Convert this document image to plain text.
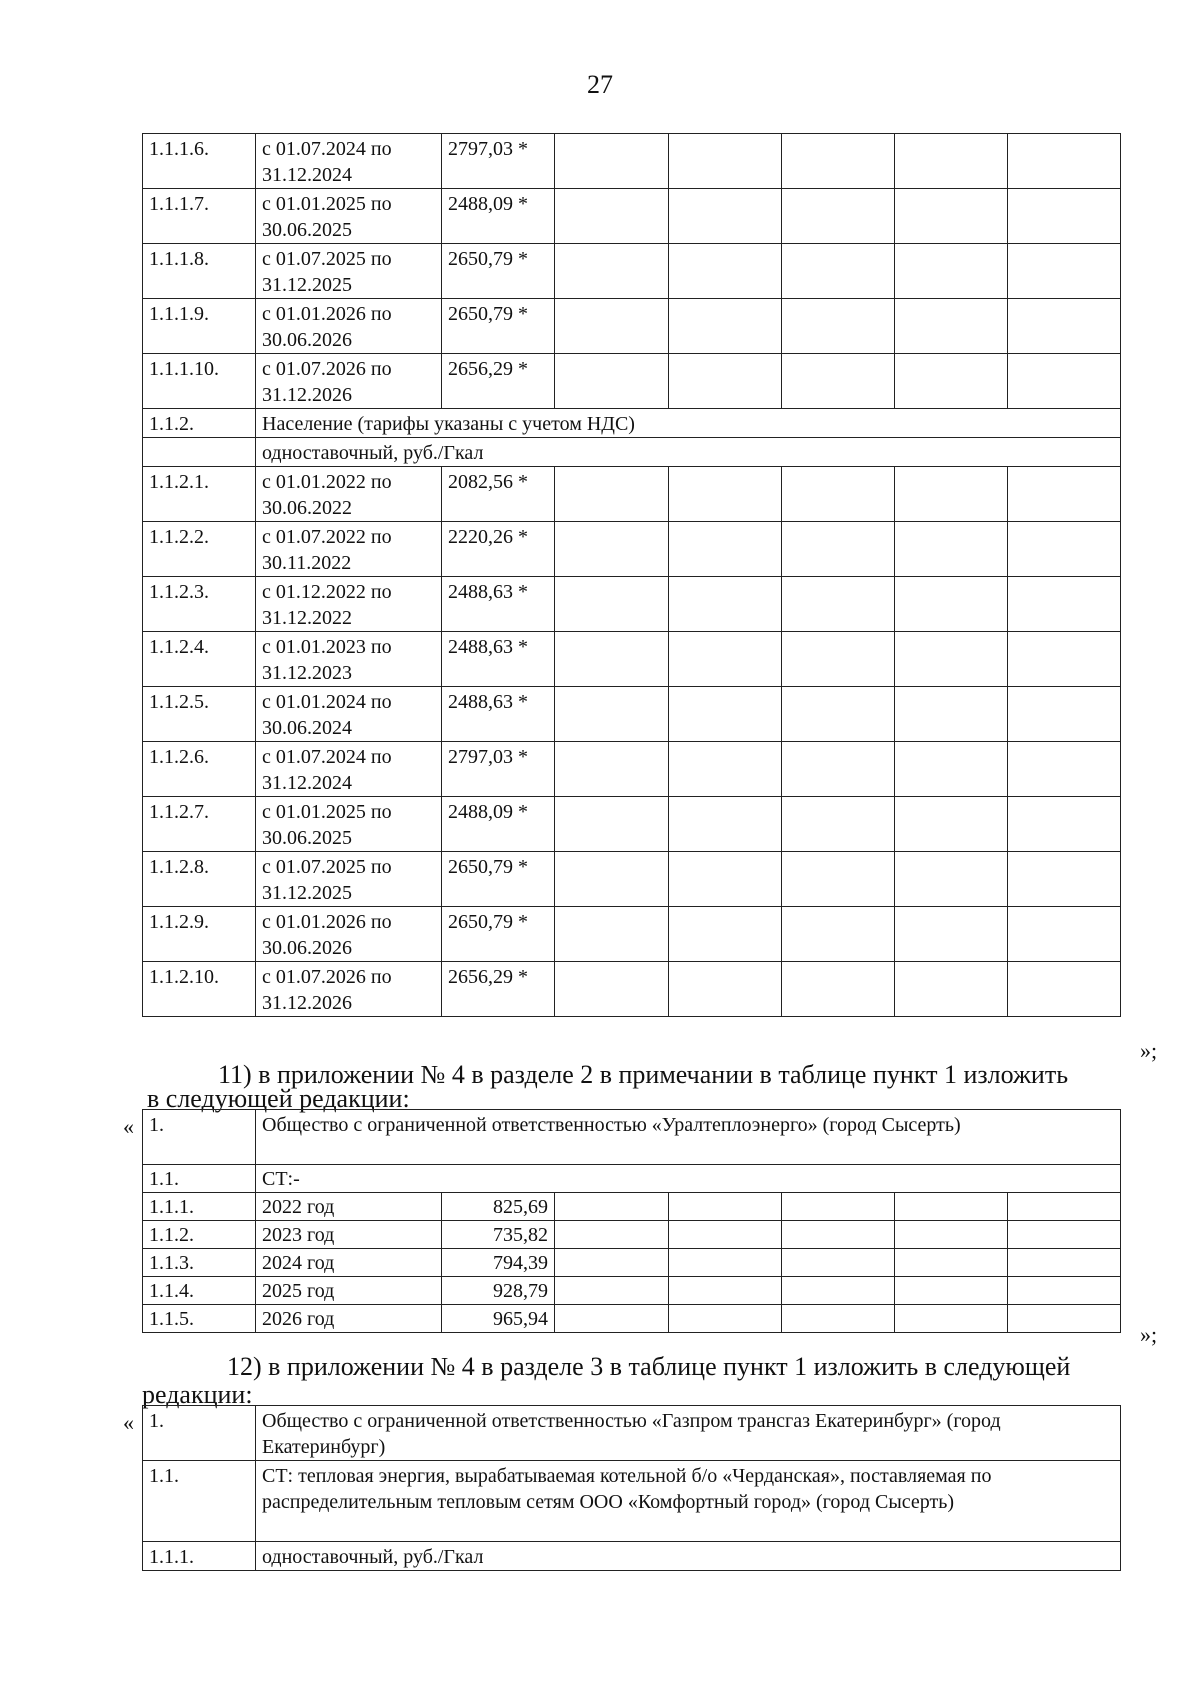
27
1.1.1.6.	с 01.07.2024 по 31.12.2024	2797,03 *					
1.1.1.7.	с 01.01.2025 по 30.06.2025	2488,09 *					
1.1.1.8.	с 01.07.2025 по 31.12.2025	2650,79 *					
1.1.1.9.	с 01.01.2026 по 30.06.2026	2650,79 *					
1.1.1.10.	с 01.07.2026 по 31.12.2026	2656,29 *					
1.1.2.	Население (тарифы указаны с учетом НДС)						
	одноставочный, руб./Гкал						
1.1.2.1.	с 01.01.2022 по 30.06.2022	2082,56 *					
1.1.2.2.	с 01.07.2022 по 30.11.2022	2220,26 *					
1.1.2.3.	с 01.12.2022 по 31.12.2022	2488,63 *					
1.1.2.4.	с 01.01.2023 по 31.12.2023	2488,63 *					
1.1.2.5.	с 01.01.2024 по 30.06.2024	2488,63 *					
1.1.2.6.	с 01.07.2024 по 31.12.2024	2797,03 *					
1.1.2.7.	с 01.01.2025 по 30.06.2025	2488,09 *					
1.1.2.8.	с 01.07.2025 по 31.12.2025	2650,79 *					
1.1.2.9.	с 01.01.2026 по 30.06.2026	2650,79 *					
1.1.2.10.	с 01.07.2026 по 31.12.2026	2656,29 *					
»;
11) в приложении № 4 в разделе 2 в примечании в таблице пункт 1 изложить
в следующей редакции:
« 1.	Общество с ограниченной ответственностью «Уралтеплоэнерго» (город Сысерть)						
1.1.	СТ:-						
1.1.1.	2022 год	825,69					
1.1.2.	2023 год	735,82					
1.1.3.	2024 год	794,39					
1.1.4.	2025 год	928,79					
1.1.5.	2026 год	965,94					
»;
12) в приложении № 4 в разделе 3 в таблице пункт 1 изложить в следующей
редакции:
« 1.	Общество с ограниченной ответственностью «Газпром трансгаз Екатеринбург» (город Екатеринбург)
1.1.	СТ: тепловая энергия, вырабатываемая котельной б/о «Черданская», поставляемая по распределительным тепловым сетям ООО «Комфортный город» (город Сысерть)
1.1.1.	одноставочный, руб./Гкал
